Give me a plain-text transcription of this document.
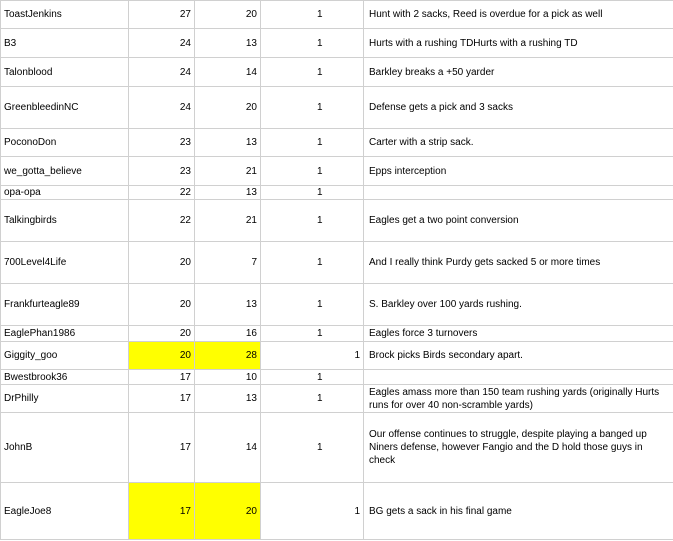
ToastJenkins	27	20	1	Hunt with 2 sacks, Reed is overdue for a pick as well
B3	24	13	1	Hurts with a rushing TDHurts with a rushing TD
Talonblood	24	14	1	Barkley breaks a +50 yarder
GreenbleedinNC	24	20	1	Defense gets a pick and 3 sacks
PoconoDon	23	13	1	Carter with a strip sack.
we_gotta_believe	23	21	1	Epps interception
opa-opa	22	13	1	
Talkingbirds	22	21	1	Eagles get a two point conversion
700Level4Life	20	7	1	And I really think Purdy gets sacked 5 or more times
Frankfurteagle89	20	13	1	S. Barkley over 100 yards rushing.
EaglePhan1986	20	16	1	Eagles force 3 turnovers
Giggity_goo	20	28	1	Brock picks Birds secondary apart.
Bwestbrook36	17	10	1	
DrPhilly	17	13	1	Eagles amass more than 150 team rushing yards (originally Hurts runs for over 40 non-scramble yards)
JohnB	17	14	1	Our offense continues to struggle, despite playing a banged up Niners defense, however Fangio and the D hold those guys in check
EagleJoe8	17	20	1	BG gets a sack in his final game
